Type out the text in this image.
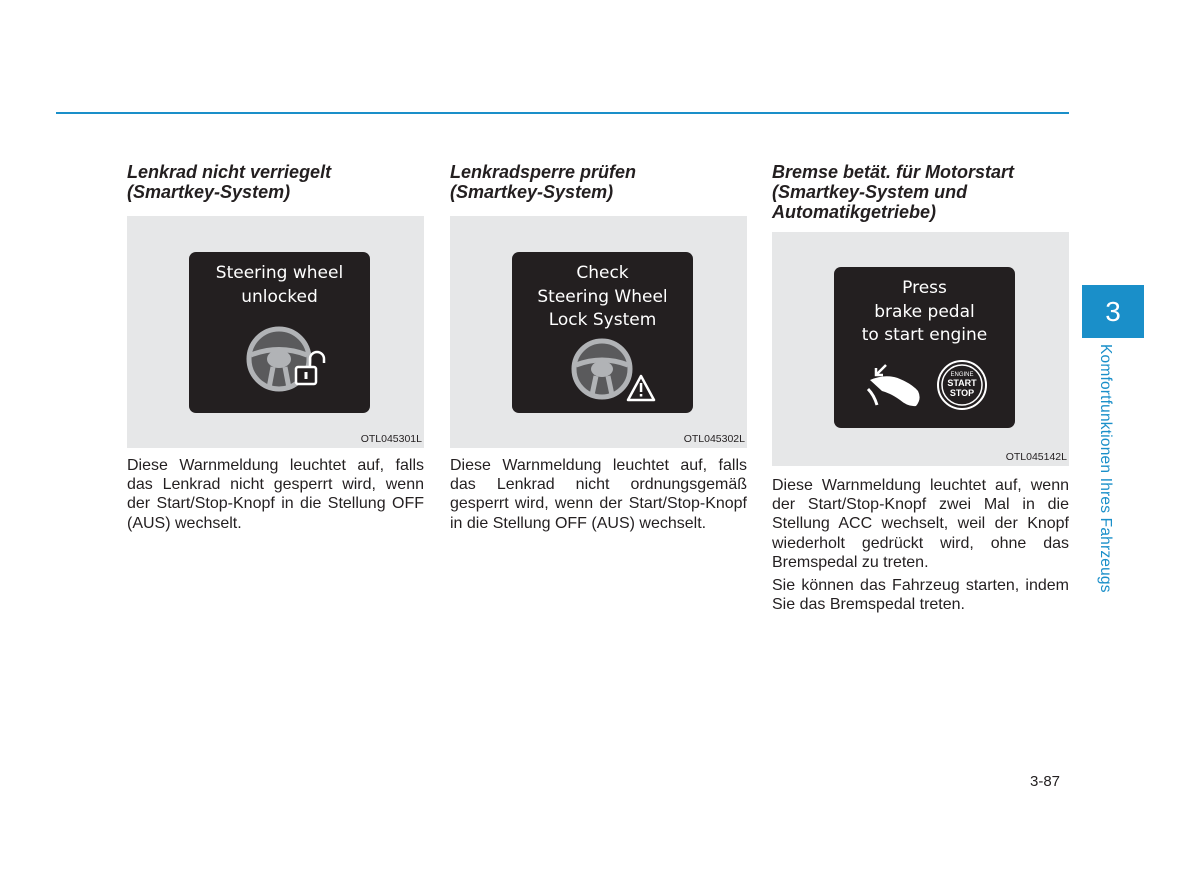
Lenkrad nicht verriegelt
(Smartkey-System)
Steering wheel
unlocked
OTL045301L

Diese Warnmeldung leuchtet auf, falls das Lenkrad nicht gesperrt wird, wenn der Start/Stop-Knopf in die Stellung OFF (AUS) wechselt.

Lenkradsperre prüfen
(Smartkey-System)
Check
Steering Wheel
Lock System
OTL045302L

Diese Warnmeldung leuchtet auf, falls das Lenkrad nicht ordnungsgemäß gesperrt wird, wenn der Start/Stop-Knopf in die Stellung OFF (AUS) wechselt.

Bremse betät. für Motorstart
(Smartkey-System und
Automatikgetriebe)
Press
brake pedal
to start engine
ENGINE
START
STOP
OTL045142L

Diese Warnmeldung leuchtet auf, wenn der Start/Stop-Knopf zwei Mal in die Stellung ACC wechselt, weil der Knopf wiederholt gedrückt wird, ohne das Bremspedal zu treten.

Sie können das Fahrzeug starten, indem Sie das Bremspedal treten.

3
Komfortfunktionen Ihres Fahrzeugs
3-87
